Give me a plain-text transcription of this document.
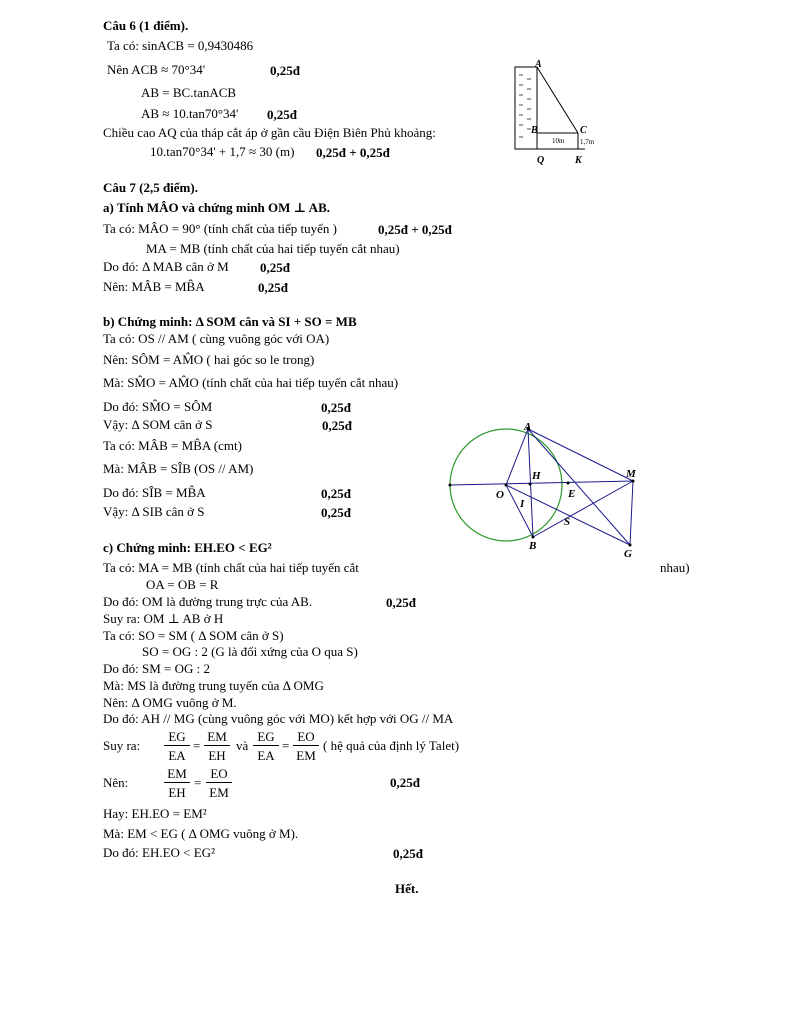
Câu 6 (1 điểm).
Ta có: sinACB = 0,9430486
Nên ACB ≈ 70°34'	0,25đ
AB = BC.tanACB
AB ≈ 10.tan70°34' 0,25đ
Chiều cao AQ của tháp cắt áp ở gần cầu Điện Biên Phủ khoảng:
10.tan70°34' + 1,7 ≈ 30 (m) 0,25đ + 0,25đ
A
B	C
Q	K
10m 1,7m
Câu 7 (2,5 điểm).
a) Tính MÂO và chứng minh OM ⊥ AB.
Ta có: MÂO = 90° (tính chất của tiếp tuyến )	0,25đ + 0,25đ
MA = MB (tính chất của hai tiếp tuyến cắt nhau)
Do đó: Δ MAB cân ở M 0,25đ
Nên: MÂB = MB̂A	0,25đ
b) Chứng minh: Δ SOM cân và SI + SO = MB
Ta có: OS // AM ( cùng vuông góc với OA)
Nên: SÔM = AM̂O ( hai góc so le trong)
Mà: SM̂O = AM̂O (tính chất của hai tiếp tuyến cắt nhau)
Do đó: SM̂O = SÔM	0,25đ
Vậy: Δ SOM cân ở S	0,25đ
Ta có: MÂB = MB̂A (cmt)
Mà: MÂB = SÎB (OS // AM)
Do đó: SÎB = MB̂A	0,25đ
Vậy: Δ SIB cân ở S	0,25đ
A
B
H
O
I
E
S
M
G
c) Chứng minh: EH.EO < EG²
Ta có: MA = MB (tính chất của hai tiếp tuyến cắt	nhau)
OA = OB = R
Do đó: OM là đường trung trực của AB.	0,25đ
Suy ra: OM ⊥ AB ở H
Ta có: SO = SM ( Δ SOM cân ở S)
SO = OG : 2 (G là đối xứng của O qua S)
Do đó: SM = OG : 2
Mà: MS là đường trung tuyến của Δ OMG
Nên: Δ OMG vuông ở M.
Do đó: AH // MG (cùng vuông góc với MO) kết hợp với OG // MA
Suy ra: $\frac{EG}{EA} = \frac{EM}{EH}$ và $\frac{EG}{EA} = \frac{EO}{EM}$ ( hệ quả của định lý Talet)
Nên:	$\frac{EM}{EH} = \frac{EO}{EM}$	0,25đ
Hay: EH.EO = EM²
Mà: EM < EG ( Δ OMG vuông ở M).
Do đó: EH.EO < EG²	0,25đ
Hết.
